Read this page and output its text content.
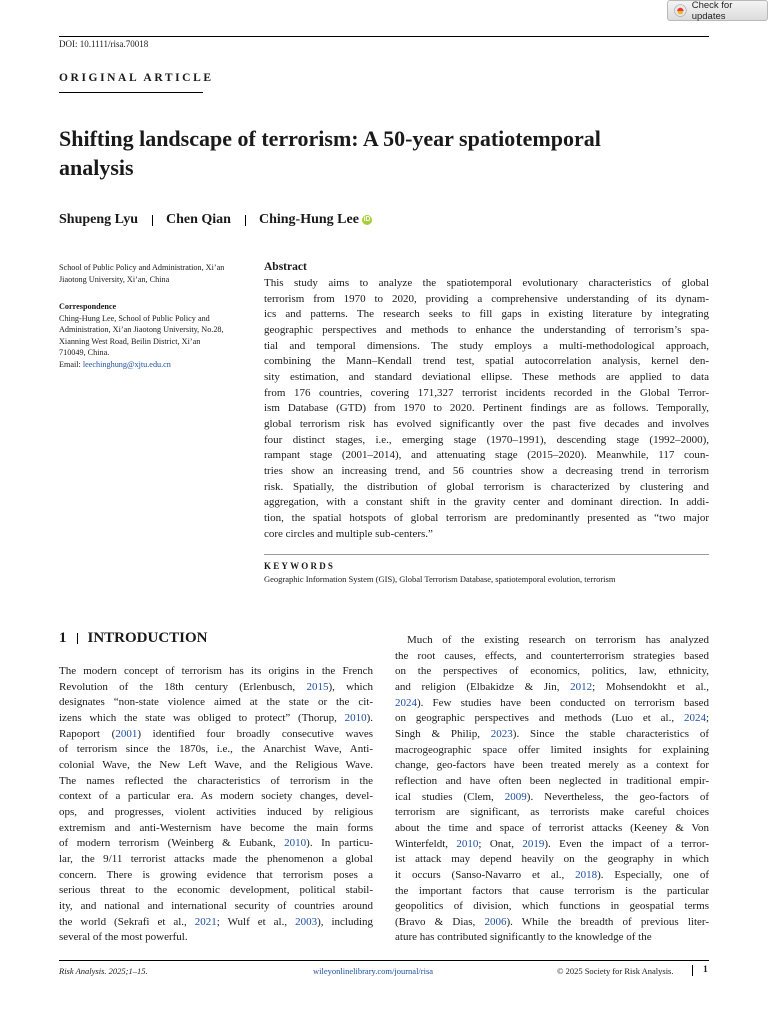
Check for updates
DOI: 10.1111/risa.70018
ORIGINAL ARTICLE
Shifting landscape of terrorism: A 50-year spatiotemporal
analysis
Shupeng Lyu Chen Qian Ching-Hung Lee iD
School of Public Policy and Administration, Xi’an
Jiaotong University, Xi’an, China
Correspondence
Ching-Hung Lee, School of Public Policy and
Administration, Xi’an Jiaotong University, No.28,
Xianning West Road, Beilin District, Xi’an
710049, China.
Email: leechinghung@xjtu.edu.cn
Abstract
This study aims to analyze the spatiotemporal evolutionary characteristics of global
terrorism from 1970 to 2020, providing a comprehensive understanding of its dynam-
ics and patterns. The research seeks to fill gaps in existing literature by integrating
geographic perspectives and methods to enhance the understanding of terrorism’s spa-
tial and temporal dimensions. The study employs a multi-methodological approach,
combining the Mann–Kendall trend test, spatial autocorrelation analysis, kernel den-
sity estimation, and standard deviational ellipse. These methods are applied to data
from 176 countries, covering 171,327 terrorist incidents recorded in the Global Terror-
ism Database (GTD) from 1970 to 2020. Pertinent findings are as follows. Temporally,
global terrorism risk has evolved significantly over the past five decades and involves
four distinct stages, i.e., emerging stage (1970–1991), descending stage (1992–2000),
rampant stage (2001–2014), and attenuating stage (2015–2020). Meanwhile, 117 coun-
tries show an increasing trend, and 56 countries show a decreasing trend in terrorism
risk. Spatially, the distribution of global terrorism is characterized by clustering and
aggregation, with a constant shift in the gravity center and dominant direction. In addi-
tion, the spatial hotspots of global terrorism are predominantly presented as “two major
core circles and multiple sub-centers.”
KEYWORDS
Geographic Information System (GIS), Global Terrorism Database, spatiotemporal evolution, terrorism
1 INTRODUCTION
The modern concept of terrorism has its origins in the French
Revolution of the 18th century (Erlenbusch, 2015), which
designates “non-state violence aimed at the state or the cit-
izens which the state was obliged to protect” (Thorup, 2010).
Rapoport (2001) identified four broadly consecutive waves
of terrorism since the 1870s, i.e., the Anarchist Wave, Anti-
colonial Wave, the New Left Wave, and the Religious Wave.
The names reflected the characteristics of terrorism in the
context of a particular era. As modern society changes, devel-
ops, and progresses, violent activities induced by religious
extremism and anti-Westernism have become the main forms
of modern terrorism (Weinberg & Eubank, 2010). In particu-
lar, the 9/11 terrorist attacks made the phenomenon a global
concern. There is growing evidence that terrorism poses a
serious threat to the economic development, political stabil-
ity, and national and international security of countries around
the world (Sekrafi et al., 2021; Wulf et al., 2003), including
several of the most powerful.
Much of the existing research on terrorism has analyzed
the root causes, effects, and counterterrorism strategies based
on the perspectives of economics, politics, law, ethnicity,
and religion (Elbakidze & Jin, 2012; Mohsendokht et al.,
2024). Few studies have been conducted on terrorism based
on geographic perspectives and methods (Luo et al., 2024;
Singh & Philip, 2023). Since the stable characteristics of
macrogeographic space offer limited insights for explaining
change, geo-factors have been treated merely as a context for
reflection and have often been neglected in traditional empir-
ical studies (Clem, 2009). Nevertheless, the geo-factors of
terrorism are significant, as terrorists make careful choices
about the time and space of terrorist attacks (Keeney & Von
Winterfeldt, 2010; Onat, 2019). Even the impact of a terror-
ist attack may depend heavily on the geography in which
it occurs (Sanso-Navarro et al., 2018). Especially, one of
the important factors that cause terrorism is the particular
geopolitics of division, which functions in geospatial terms
(Bravo & Dias, 2006). While the breadth of previous liter-
ature has contributed significantly to the knowledge of the
Risk Analysis. 2025;1–15.	wileyonlinelibrary.com/journal/risa	© 2025 Society for Risk Analysis.	1
